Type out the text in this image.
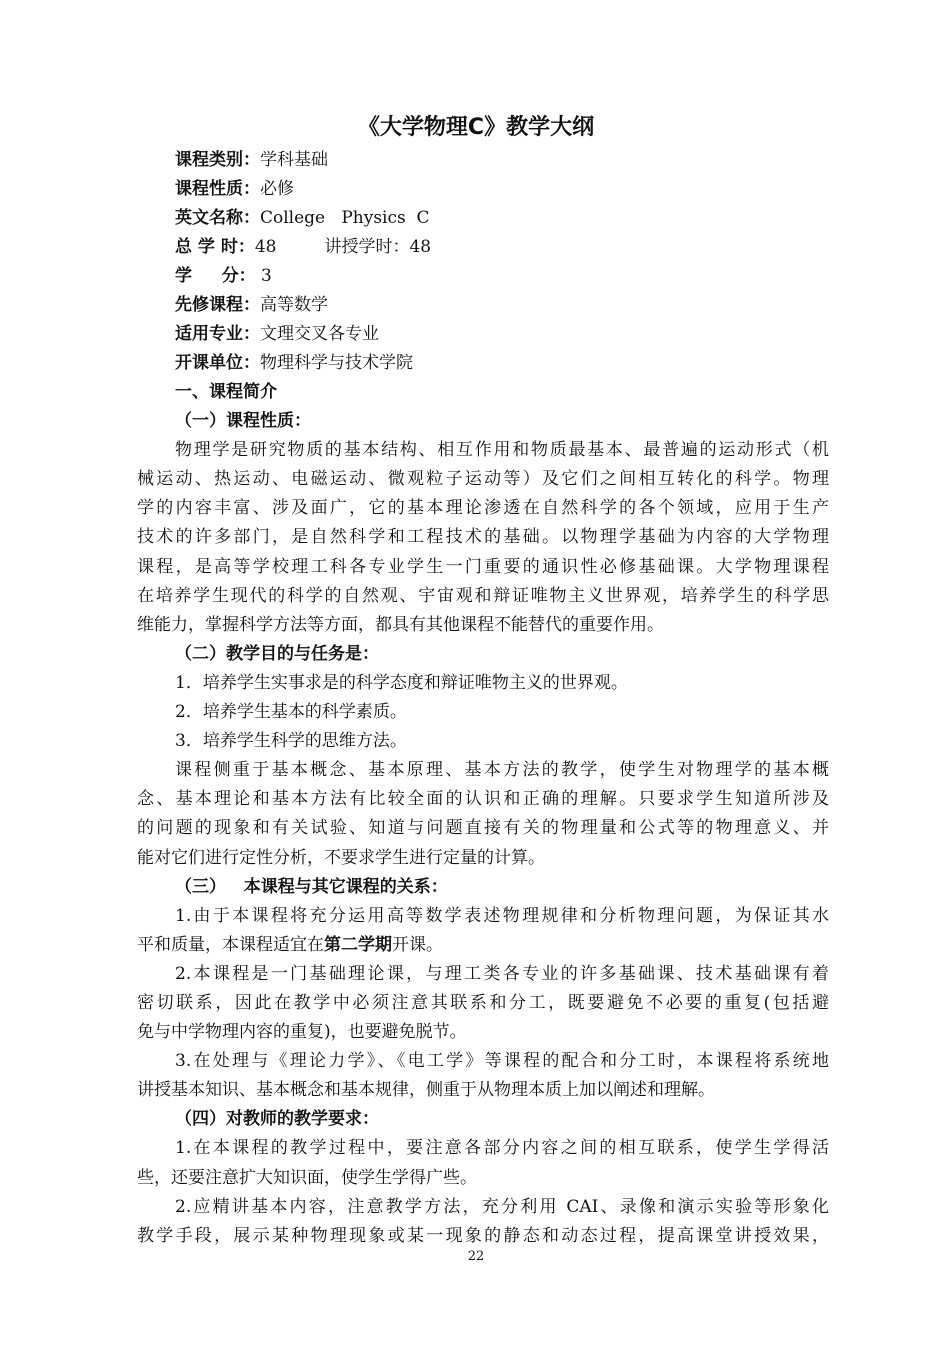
《大学物理C》教学大纲
课程类别：学科基础
课程性质：必修
英文名称：College   Physics  C
总 学 时：48	讲授学时：48
学     分： 3
先修课程：高等数学
适用专业：文理交叉各专业
开课单位：物理科学与技术学院
一、课程简介
（一）课程性质：
物理学是研究物质的基本结构、相互作用和物质最基本、最普遍的运动形式（机
械运动、热运动、电磁运动、微观粒子运动等）及它们之间相互转化的科学。物理
学的内容丰富、涉及面广，它的基本理论渗透在自然科学的各个领域，应用于生产
技术的许多部门，是自然科学和工程技术的基础。以物理学基础为内容的大学物理
课程，是高等学校理工科各专业学生一门重要的通识性必修基础课。大学物理课程
在培养学生现代的科学的自然观、宇宙观和辩证唯物主义世界观，培养学生的科学思
维能力，掌握科学方法等方面，都具有其他课程不能替代的重要作用。
（二）教学目的与任务是：
1．培养学生实事求是的科学态度和辩证唯物主义的世界观。
2．培养学生基本的科学素质。
3．培养学生科学的思维方法。
课程侧重于基本概念、基本原理、基本方法的教学，使学生对物理学的基本概
念、基本理论和基本方法有比较全面的认识和正确的理解。只要求学生知道所涉及
的问题的现象和有关试验、知道与问题直接有关的物理量和公式等的物理意义、并
能对它们进行定性分析，不要求学生进行定量的计算。
（三）   本课程与其它课程的关系：
1.由于本课程将充分运用高等数学表述物理规律和分析物理问题，为保证其水
平和质量，本课程适宜在第二学期开课。
2.本课程是一门基础理论课，与理工类各专业的许多基础课、技术基础课有着
密切联系，因此在教学中必须注意其联系和分工，既要避免不必要的重复(包括避
免与中学物理内容的重复)，也要避免脱节。
3.在处理与《理论力学》、《电工学》等课程的配合和分工时，本课程将系统地
讲授基本知识、基本概念和基本规律，侧重于从物理本质上加以阐述和理解。
（四）对教师的教学要求：
1.在本课程的教学过程中，要注意各部分内容之间的相互联系，使学生学得活
些，还要注意扩大知识面，使学生学得广些。
2.应精讲基本内容，注意教学方法，充分利用 CAI、录像和演示实验等形象化
教学手段，展示某种物理现象或某一现象的静态和动态过程，提高课堂讲授效果，
22
